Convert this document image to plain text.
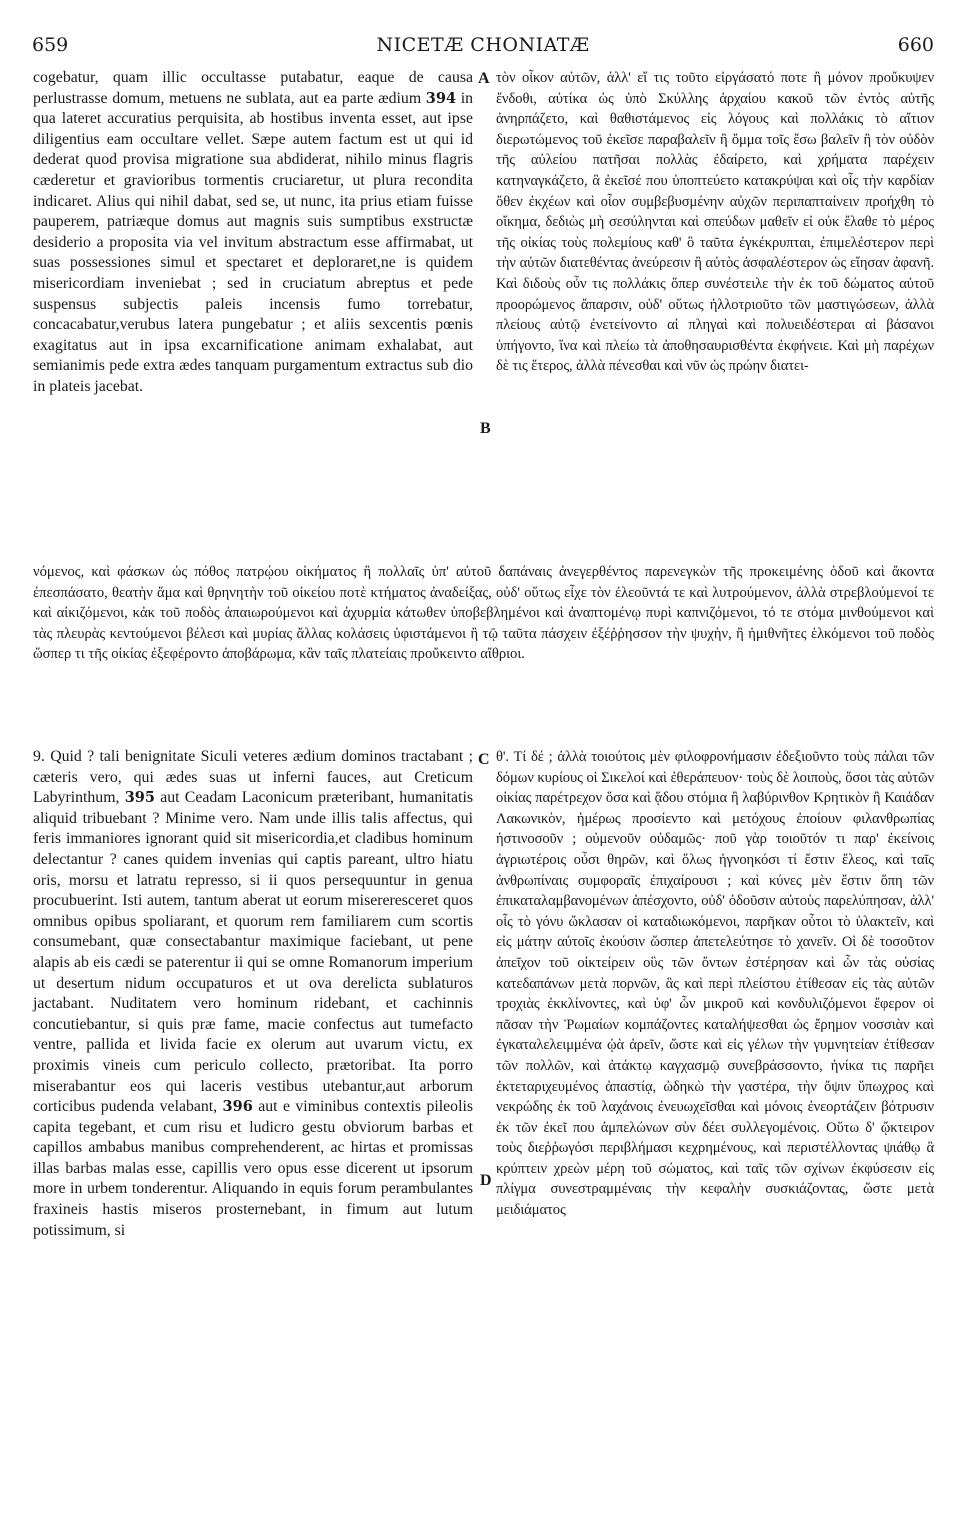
659	NICETÆ CHONIATÆ	660
A
B
C
D

cogebatur, quam illic occultasse putabatur, eaque de causa perlustrasse domum, metuens ne sublata, aut ea parte ædium 394 in qua lateret accuratius perquisita, ab hostibus inventa esset, aut ipse diligentius eam occultare vellet. Sæpe autem factum est ut qui id dederat quod provisa migratione sua abdiderat, nihilo minus flagris cæderetur et gravioribus tormentis cruciaretur, ut plura recondita indicaret. Alius qui nihil dabat, sed se, ut nunc, ita prius etiam fuisse pauperem, patriæque domus aut magnis suis sumptibus exstructæ desiderio a proposita via vel invitum abstractum esse affirmabat, ut suas possessiones simul et spectaret et deploraret,ne is quidem misericordiam inveniebat ; sed in cruciatum abreptus et pede suspensus subjectis paleis incensis fumo torrebatur, concacabatur,verubus latera pungebatur ; et aliis sexcentis pœnis exagitatus aut in ipsa excarnificatione animam exhalabat, aut semianimis pede extra ædes tanquam purgamentum extractus sub dio in plateis jacebat.

τὸν οἶκον αὐτῶν, ἀλλ' εἴ τις τοῦτο εἰργάσατό ποτε ἢ μόνον προὔκυψεν ἔνδοθι, αὐτίκα ὡς ὑπὸ Σκύλλης ἀρχαίου κακοῦ τῶν ἐντὸς αὐτῆς ἀνηρπάζετο, καὶ θαθιστάμενος εἰς λόγους καὶ πολλάκις τὸ αἴτιον διερωτώμενος τοῦ ἐκεῖσε παραβαλεῖν ἢ ὄμμα τοῖς ἔσω βαλεῖν ἢ τὸν οὐδὸν τῆς αὐλείου πατῆσαι πολλὰς ἐδαίρετο, καὶ χρήματα παρέχειν κατηναγκάζετο, ἃ ἐκεῖσέ που ὑποπτεύετο κατακρύψαι καὶ οἷς τὴν καρδίαν ὅθεν ἐκχέων καὶ οἷον συμβεβυσμένην αὐχῶν περιπαπταίνειν προήχθη τὸ οἴκημα, δεδιὼς μὴ σεσύληνται καὶ σπεύδων μαθεῖν εἰ οὐκ ἔλαθε τὸ μέρος τῆς οἰκίας τοὺς πολεμίους καθ' ὃ ταῦτα ἐγκέκρυπται, ἐπιμελέστερον περὶ τὴν αὐτῶν διατεθέντας ἀνεύρεσιν ἢ αὐτὸς ἀσφαλέστερον ὡς εἴησαν ἀφανῆ. Καὶ διδοὺς οὖν τις πολλάκις ὅπερ συνέστειλε τὴν ἐκ τοῦ δώματος αὐτοῦ προορώμενος ἄπαρσιν, οὐδ' οὕτως ἠλλοτριοῦτο τῶν μαστιγώσεων, ἀλλὰ πλείους αὐτῷ ἐνετείνοντο αἱ πληγαὶ καὶ πολυειδέστεραι αἱ βάσανοι ὑπήγοντο, ἵνα καὶ πλείω τὰ ἀποθησαυρισθέντα ἐκφήνειε. Καὶ μὴ παρέχων δὲ τις ἕτερος, ἀλλὰ πένεσθαι καὶ νῦν ὡς πρώην διατει-

νόμενος, καὶ φάσκων ὡς πόθος πατρῴου οἰκήματος ἢ πολλαῖς ὑπ' αὐτοῦ δαπάναις ἀνεγερθέντος παρενεγκὼν τῆς προκειμένης ὁδοῦ καὶ ἄκοντα ἐπεσπάσατο, θεατὴν ἅμα καὶ θρηνητὴν τοῦ οἰκείου ποτὲ κτήματος ἀναδείξας, οὐδ' οὕτως εἶχε τὸν ἐλεοῦντά τε καὶ λυτρούμενον, ἀλλὰ στρεβλούμενοί τε καὶ αἰκιζόμενοι, κἀκ τοῦ ποδὸς ἀπαιωρούμενοι καὶ ἀχυρμία κάτωθεν ὑποβεβλημένοι καὶ ἀναπτομένῳ πυρὶ καπνιζόμενοι, τό τε στόμα μινθούμενοι καὶ τὰς πλευρὰς κεντούμενοι βέλεσι καὶ μυρίας ἄλλας κολάσεις ὑφιστάμενοι ἢ τῷ ταῦτα πάσχειν ἐξέῤῥησσον τὴν ψυχὴν, ἢ ἡμιθνῆτες ἑλκόμενοι τοῦ ποδὸς ὥσπερ τι τῆς οἰκίας ἐξεφέροντο ἀποβάρωμα, κἂν ταῖς πλατείαις προὔκειντο αἴθριοι.

9. Quid ? tali benignitate Siculi veteres ædium dominos tractabant ; cæteris vero, qui ædes suas ut inferni fauces, aut Creticum Labyrinthum, 395 aut Ceadam Laconicum præteribant, humanitatis aliquid tribuebant ? Minime vero. Nam unde illis talis affectus, qui feris immaniores ignorant quid sit misericordia,et cladibus hominum delectantur ? canes quidem invenias qui captis pareant, ultro hiatu oris, morsu et latratu represso, si ii quos persequuntur in genua procubuerint. Isti autem, tantum aberat ut eorum misereresceret quos omnibus opibus spoliarant, et quorum rem familiarem cum scortis consumebant, quæ consectabantur maximique faciebant, ut pene alapis ab eis cædi se paterentur ii qui se omne Romanorum imperium ut desertum nidum occupaturos et ut ova derelicta sublaturos jactabant. Nuditatem vero hominum ridebant, et cachinnis concutiebantur, si quis præ fame, macie confectus aut tumefacto ventre, pallida et livida facie ex olerum aut uvarum victu, ex proximis vineis cum periculo collecto, prætoribat. Ita porro miserabantur eos qui laceris vestibus utebantur,aut arborum corticibus pudenda velabant, 396 aut e viminibus contextis pileolis capita tegebant, et cum risu et ludicro gestu obviorum barbas et capillos ambabus manibus comprehenderent, ac hirtas et promissas illas barbas malas esse, capillis vero opus esse dicerent ut ipsorum more in urbem tonderentur. Aliquando in equis forum perambulantes fraxineis hastis miseros prosternebant, in fimum aut lutum potissimum, si

θ'. Τί δέ ; ἀλλὰ τοιούτοις μὲν φιλοφρονήμασιν ἐδεξιοῦντο τοὺς πάλαι τῶν δόμων κυρίους οἱ Σικελοί καὶ ἐθεράπευον· τοὺς δὲ λοιποὺς, ὅσοι τὰς αὐτῶν οἰκίας παρέτρεχον ὅσα καὶ ᾅδου στόμια ἢ λαβύρινθον Κρητικὸν ἢ Καιάδαν Λακωνικὸν, ἡμέρως προσίεντο καὶ μετόχους ἐποίουν φιλανθρωπίας ἡστινοσοῦν ; οὐμενοῦν οὐδαμῶς· ποῦ γὰρ τοιοῦτόν τι παρ' ἐκείνοις ἀγριωτέροις οὖσι θηρῶν, καὶ ὅλως ἠγνοηκόσι τί ἔστιν ἔλεος, καὶ ταῖς ἀνθρωπίναις συμφοραῖς ἐπιχαίρουσι ; καὶ κύνες μὲν ἔστιν ὅπη τῶν ἐπικαταλαμβανομένων ἀπέσχοντο, οὐδ' ὀδοῦσιν αὐτοὺς παρελύπησαν, ἀλλ' οἷς τὸ γόνυ ὤκλασαν οἱ καταδιωκόμενοι, παρῆκαν οὗτοι τὸ ὑλακτεῖν, καὶ εἰς μάτην αὐτοῖς ἐκούσιν ὥσπερ ἀπετελεύτησε τὸ χανεῖν. Οἱ δὲ τοσοῦτον ἀπεῖχον τοῦ οἰκτείρειν οὓς τῶν ὄντων ἐστέρησαν καὶ ὧν τὰς οὐσίας κατεδαπάνων μετὰ πορνῶν, ἃς καὶ περὶ πλείστου ἐτίθεσαν εἰς τὰς αὐτῶν τροχιὰς ἐκκλίνοντες, καὶ ὑφ' ὧν μικροῦ καὶ κονδυλιζόμενοι ἔφερον οἱ πᾶσαν τὴν Ῥωμαίων κομπάζοντες καταλήψεσθαι ὡς ἔρημον νοσσιὰν καὶ ἐγκαταλελειμμένα ᾠὰ ἀρεῖν, ὥστε καὶ εἰς γέλων τὴν γυμνητείαν ἐτίθεσαν τῶν πολλῶν, καὶ ἀτάκτῳ καγχασμῷ συνεβράσσοντο, ἡνίκα τις παρῆει ἐκτεταριχευμένος ἀπαστίᾳ, ὠδηκὼ τὴν γαστέρα, τὴν ὄψιν ὕπωχρος καὶ νεκρώδης ἐκ τοῦ λαχάνοις ἐνευωχεῖσθαι καὶ μόνοις ἐνεορτάζειν βότρυσιν ἐκ τῶν ἐκεῖ που ἀμπελώνων σὺν δέει συλλεγομένοις. Οὕτω δ' ᾤκτειρον τοὺς διεῤῥωγόσι περιβλήμασι κεχρημένους, καὶ περιστέλλοντας ψιάθῳ ἃ κρύπτειν χρεὼν μέρη τοῦ σώματος, καὶ ταῖς τῶν σχίνων ἐκφύσεσιν εἰς πλίγμα συνεστραμμέναις τὴν κεφαλὴν συσκιάζοντας, ὥστε μετὰ μειδιάματος
